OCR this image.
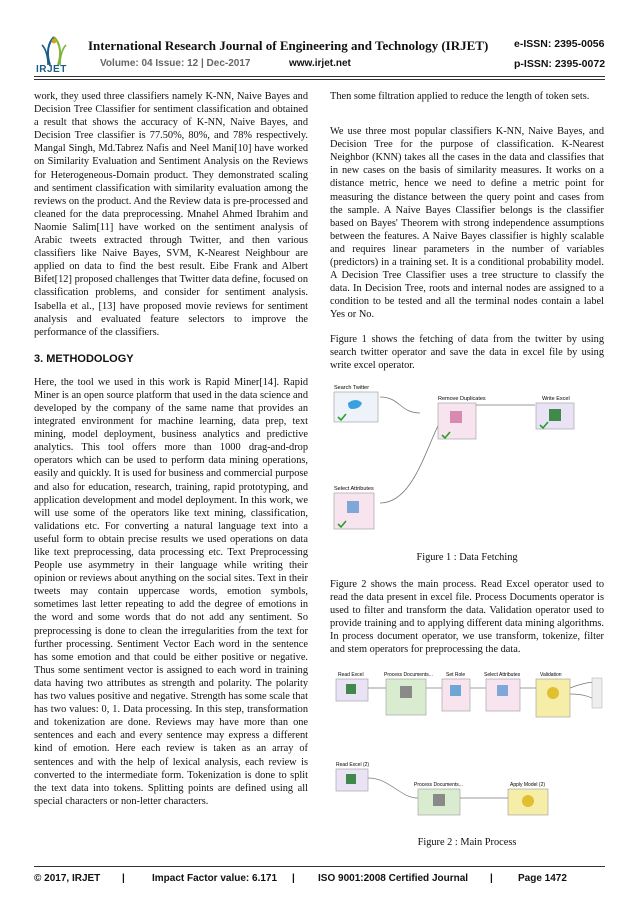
IRJET
International Research Journal of Engineering and Technology (IRJET) e-ISSN: 2395-0056
Volume: 04 Issue: 12 | Dec-2017	www.irjet.net	p-ISSN: 2395-0072

work, they used three classifiers namely K-NN, Naive Bayes and Decision Tree Classifier for sentiment classification and obtained a result that shows the accuracy of K-NN, Naive Bayes, and Decision Tree classifier is 77.50%, 80%, and 78% respectively. Mangal Singh, Md.Tabrez Nafis and Neel Mani[10] have worked on Similarity Evaluation and Sentiment Analysis on the Reviews for Heterogeneous-Domain product. They demonstrated scaling and sentiment classification with similarity evaluation among the reviews on the product. And the Review data is pre-processed and cleaned for the data preprocessing. Mnahel Ahmed Ibrahim and Naomie Salim[11] have worked on the sentiment analysis of Arabic tweets extracted through Twitter, and then various classifiers like Naive Bayes, SVM, K-Nearest Neighbour are applied on data to find the best result. Eibe Frank and Albert Bifet[12] proposed challenges that Twitter data define, focused on classification problems, and consider for sentiment analysis. Isabella et al., [13] have proposed movie reviews for sentiment analysis and evaluated feature selectors to improve the performance of the classifiers.

3. METHODOLOGY

Here, the tool we used in this work is Rapid Miner[14]. Rapid Miner is an open source platform that used in the data science and developed by the company of the same name that provides an integrated environment for machine learning, data prep, text mining, model deployment, business analytics and predictive analytics. This tool offers more than 1000 drag-and-drop operators which can be used to perform data mining operations, easily and quickly. It is used for business and commercial purpose and also for education, research, training, rapid prototyping, and application development and model deployment. In this work, we will use some of the operators like text mining, classification, validations etc. For converting a natural language text into a useful form to obtain precise results we used operations on data like text preprocessing, data processing etc. Text Preprocessing People use asymmetry in their language while writing their opinion or reviews about anything on the social sites. Text in their tweets may contain uppercase words, emotion symbols, sometimes last letter repeating to add the degree of emotions in the word and some words that do not add any sentiment. So preprocessing is done to clean the irregularities from the text for further processing. Sentiment Vector Each word in the sentence has some emotion and that could be either positive or negative. Thus some sentiment vector is assigned to each word in training data having two attributes as strength and polarity. The polarity has two values positive and negative. Strength has some scale that has two values: 0, 1. Data processing. In this step, transformation and tokenization are done. Reviews may have more than one sentences and each and every sentence may express a different kind of emotion. Here each review is taken as an array of sentences and with the help of lexical analysis, each review is converted to the intermediate form. Tokenization is done to split the text data into tokens. Splitting points are defined using all special characters or non-letter characters.

Then some filtration applied to reduce the length of token sets.

We use three most popular classifiers K-NN, Naive Bayes, and Decision Tree for the purpose of classification. K-Nearest Neighbor (KNN) takes all the cases in the data and classifies that in new cases on the basis of similarity measures. It works on a distance metric, hence we need to define a metric point for measuring the distance between the query point and cases from the sample. A Naive Bayes Classifier belongs is the classifier based on Bayes' Theorem with strong independence assumptions between the features. A Naive Bayes classifier is highly scalable and requires linear parameters in the number of variables (predictors) in a training set. It is a conditional probability model. A Decision Tree Classifier uses a tree structure to classify the data. In Decision Tree, roots and internal nodes are assigned to a condition to be tested and all the terminal nodes contain a label Yes or No.

Figure 1 shows the fetching of data from the twitter by using search twitter operator and save the data in excel file by using write excel operator.

Search Twitter
Remove Duplicates	Write Excel
Select Attributes
Figure 1 : Data Fetching

Figure 2 shows the main process. Read Excel operator used to read the data present in excel file. Process Documents operator is used to filter and transform the data. Validation operator used to provide training and to applying different data mining algorithms. In process document operator, we use transform, tokenize, filter and stem operators for preprocessing the data.

Read Excel	Process Documents...	Set Role	Select Attributes	Validation
Read Excel (2)
Process Documents...	Apply Model (2)
Figure 2 : Main Process
© 2017, IRJET |	Impact Factor value: 6.171 | ISO 9001:2008 Certified Journal |	Page 1472
